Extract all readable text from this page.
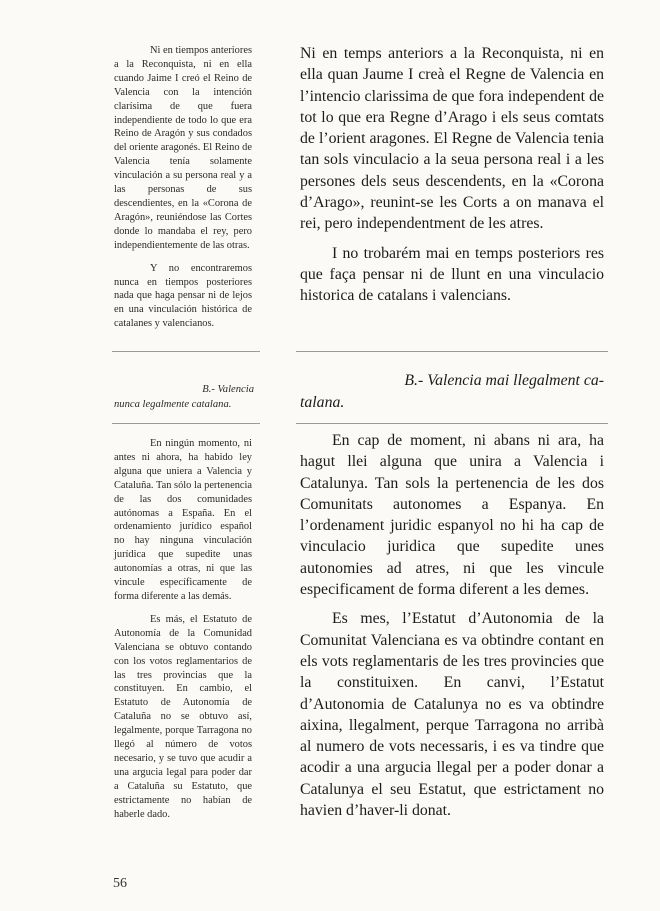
Ni en tiempos anteriores a la Reconquista, ni en ella cuando Jaime I creó el Reino de Valencia con la intención clarísima de que fuera independiente de todo lo que era Reino de Aragón y sus condados del oriente aragonés. El Reino de Valencia tenía solamente vinculación a su persona real y a las personas de sus descendientes, en la «Corona de Aragón», reuniéndose las Cortes donde lo mandaba el rey, pero independientemente de las otras.

Y no encontraremos nunca en tiempos posteriores nada que haga pensar ni de lejos en una vinculación histórica de catalanes y valencianos.

B.- Valencia
nunca legalmente catalana.

En ningún momento, ni antes ni ahora, ha habido ley alguna que uniera a Valencia y Cataluña. Tan sólo la pertenencia de las dos comunidades autónomas a España. En el ordenamiento jurídico español no hay ninguna vinculación jurídica que supedite unas autonomías a otras, ni que las vincule específicamente de forma diferente a las demás.

Es más, el Estatuto de Autonomía de la Comunidad Valenciana se obtuvo contando con los votos reglamentarios de las tres provincias que la constituyen. En cambio, el Estatuto de Autonomía de Cataluña no se obtuvo así, legalmente, porque Tarragona no llegó al número de votos necesario, y se tuvo que acudir a una argucia legal para poder dar a Cataluña su Estatuto, que estrictamente no habían de haberle dado.

Ni en temps anteriors a la Reconquista, ni en ella quan Jaume I creà el Regne de Valencia en l’intencio clarissima de que fora independent de tot lo que era Regne d’Arago i els seus comtats de l’orient aragones. El Regne de Valencia tenia tan sols vinculacio a la seua persona real i a les persones dels seus descendents, en la «Corona d’Arago», reunint-se les Corts a on manava el rei, pero independentment de les atres.

I no trobarém mai en temps posteriors res que faça pensar ni de llunt en una vinculacio historica de catalans i valencians.

B.- Valencia mai llegalment ca-
talana.

En cap de moment, ni abans ni ara, ha hagut llei alguna que unira a Valencia i Catalunya. Tan sols la pertenencia de les dos Comunitats autonomes a Espanya. En l’ordenament juridic espanyol no hi ha cap de vinculacio juridica que supedite unes autonomies ad atres, ni que les vincule especificament de forma diferent a les demes.

Es mes, l’Estatut d’Autonomia de la Comunitat Valenciana es va obtindre contant en els vots reglamentaris de les tres provincies que la constituixen. En canvi, l’Estatut d’Autonomia de Catalunya no es va obtindre aixina, llegalment, perque Tarragona no arribà al numero de vots necessaris, i es va tindre que acodir a una argucia llegal per a poder donar a Catalunya el seu Estatut, que estrictament no havien d’haver-li donat.

56
